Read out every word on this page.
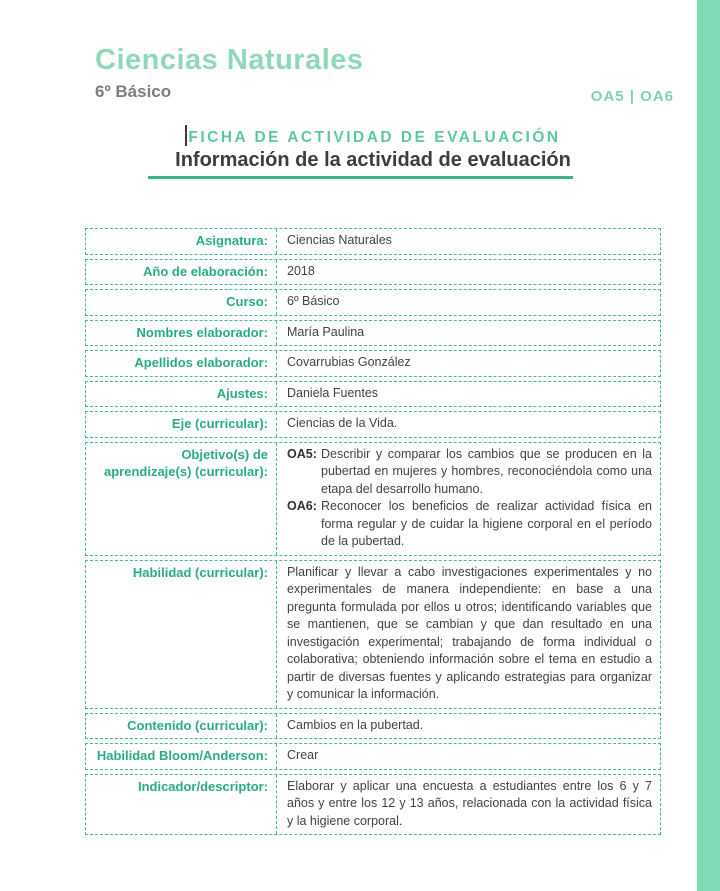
Ciencias Naturales
6º Básico	OA5 | OA6
FICHA DE ACTIVIDAD DE EVALUACIÓN
Información de la actividad de evaluación
Asignatura:	Ciencias Naturales
Año de elaboración:	2018
Curso:	6º Básico
Nombres elaborador:	María Paulina
Apellidos elaborador:	Covarrubias González
Ajustes:	Daniela Fuentes
Eje (curricular):	Ciencias de la Vida.
Objetivo(s) de aprendizaje(s) (curricular):
OA5: Describir y comparar los cambios que se producen en la pubertad en mujeres y hombres, reconociéndola como una etapa del desarrollo humano.
OA6: Reconocer los beneficios de realizar actividad física en forma regular y de cuidar la higiene corporal en el período de la pubertad.
Habilidad (curricular):	Planificar y llevar a cabo investigaciones experimentales y no experimentales de manera independiente: en base a una pregunta formulada por ellos u otros; identificando variables que se mantienen, que se cambian y que dan resultado en una investigación experimental; trabajando de forma individual o colaborativa; obteniendo información sobre el tema en estudio a partir de diversas fuentes y aplicando estrategias para organizar y comunicar la información.
Contenido (curricular):	Cambios en la pubertad.
Habilidad Bloom/Anderson:	Crear
Indicador/descriptor:	Elaborar y aplicar una encuesta a estudiantes entre los 6 y 7 años y entre los 12 y 13 años, relacionada con la actividad física y la higiene corporal.
